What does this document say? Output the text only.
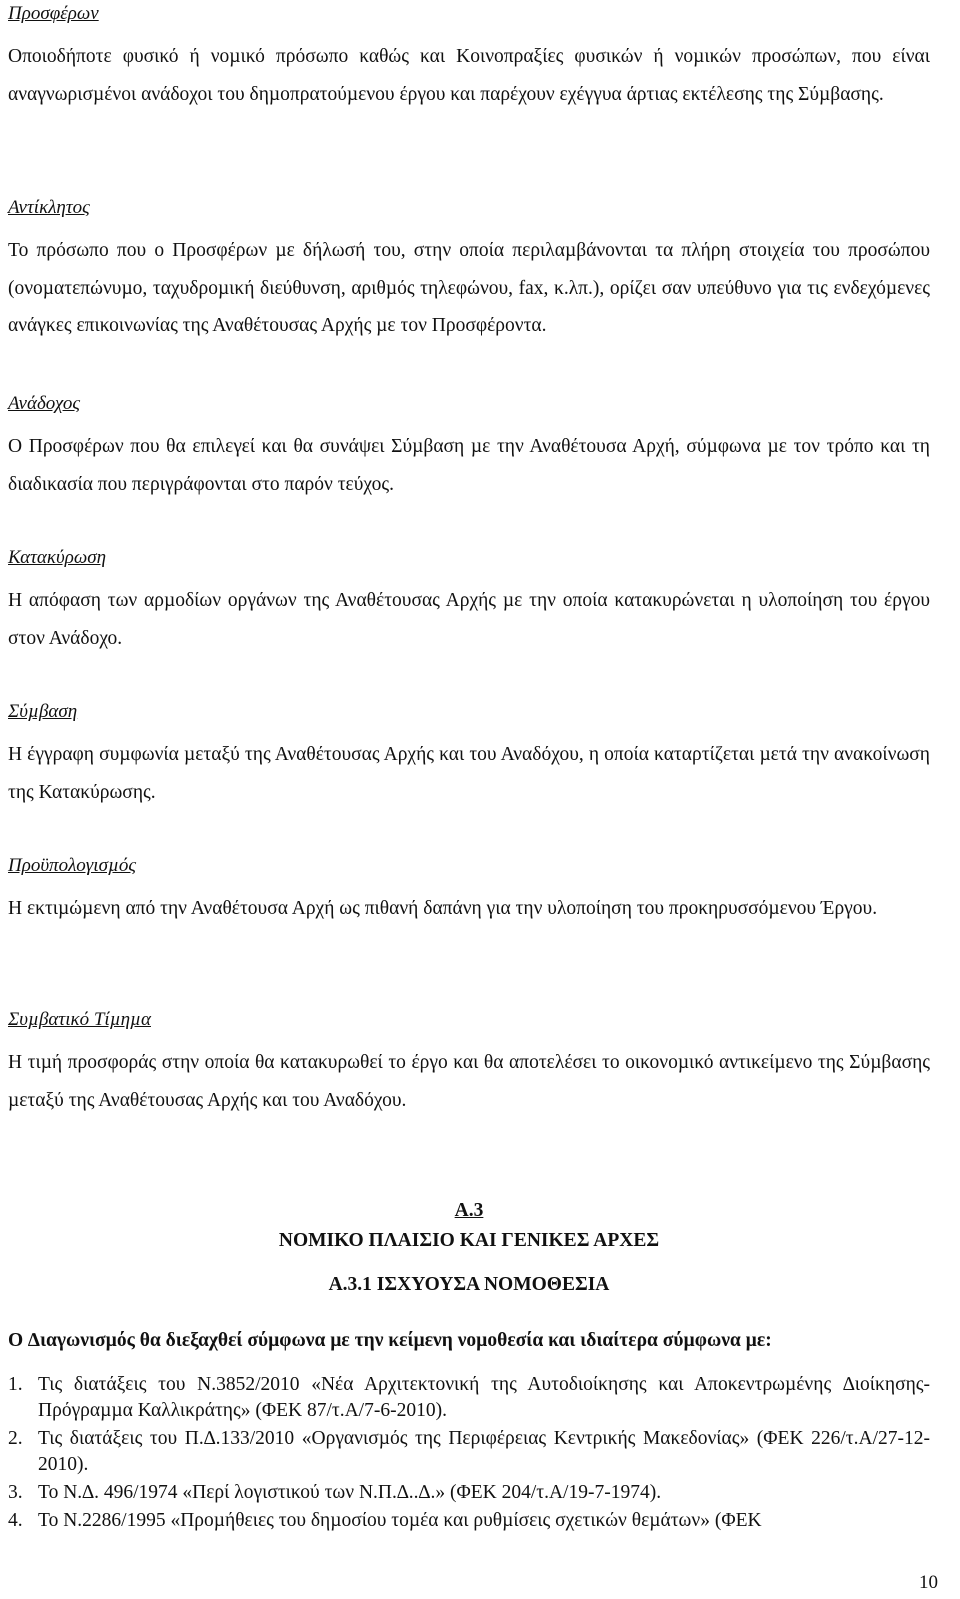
Προσφέρων

Οποιοδήποτε φυσικό ή νοµικό πρόσωπο καθώς και Κοινοπραξίες φυσικών ή νοµικών προσώπων, που είναι αναγνωρισµένοι ανάδοχοι του δηµοπρατούµενου έργου και παρέχουν εχέγγυα άρτιας εκτέλεσης της Σύµβασης.

Αντίκλητος

Το πρόσωπο που ο Προσφέρων µε δήλωσή του, στην οποία περιλαµβάνονται τα πλήρη στοιχεία του προσώπου (ονοµατεπώνυµο, ταχυδροµική διεύθυνση, αριθµός τηλεφώνου, fax, κ.λπ.), ορίζει σαν υπεύθυνο για τις ενδεχόµενες ανάγκες επικοινωνίας της Αναθέτουσας Αρχής µε τον Προσφέροντα.

Ανάδοχος

Ο Προσφέρων που θα επιλεγεί και θα συνάψει Σύµβαση µε την Αναθέτουσα Αρχή, σύµφωνα µε τον τρόπο και τη διαδικασία που περιγράφονται στο παρόν τεύχος.

Κατακύρωση

Η απόφαση των αρµοδίων οργάνων της Αναθέτουσας Αρχής µε την οποία κατακυρώνεται η υλοποίηση του έργου στον Ανάδοχο.

Σύµβαση

Η έγγραφη συµφωνία µεταξύ της Αναθέτουσας Αρχής και του Αναδόχου, η οποία καταρτίζεται µετά την ανακοίνωση της Κατακύρωσης.

Προϋπολογισµός

Η εκτιµώµενη από την Αναθέτουσα Αρχή ως πιθανή δαπάνη για την υλοποίηση του προκηρυσσόµενου Έργου.

Συµβατικό Τίµηµα

Η τιµή προσφοράς στην οποία θα κατακυρωθεί το έργο και θα αποτελέσει το οικονοµικό αντικείµενο της Σύµβασης µεταξύ της Αναθέτουσας Αρχής και του Αναδόχου.

Α.3
ΝΟΜΙΚΟ ΠΛΑΙΣΙΟ ΚΑΙ ΓΕΝΙΚΕΣ ΑΡΧΕΣ
Α.3.1 ΙΣΧΥΟΥΣΑ ΝΟΜΟΘΕΣΙΑ
Ο ∆ιαγωνισµός θα διεξαχθεί σύµφωνα µε την κείµενη νοµοθεσία και ιδιαίτερα σύµφωνα µε:
1. Τις διατάξεις του Ν.3852/2010 «Νέα Αρχιτεκτονική της Αυτοδιοίκησης και Αποκεντρωµένης ∆ιοίκησης-Πρόγραµµα Καλλικράτης» (ΦΕΚ 87/τ.Α/7-6-2010).
2. Τις διατάξεις του Π.∆.133/2010 «Οργανισµός της Περιφέρειας Κεντρικής Μακεδονίας» (ΦΕΚ 226/τ.Α/27-12-2010).
3. Το Ν.∆. 496/1974 «Περί λογιστικού των Ν.Π.∆..∆.» (ΦΕΚ 204/τ.Α/19-7-1974).
4. Το Ν.2286/1995 «Προµήθειες του δηµοσίου τοµέα και ρυθµίσεις σχετικών θεµάτων» (ΦΕΚ
10
